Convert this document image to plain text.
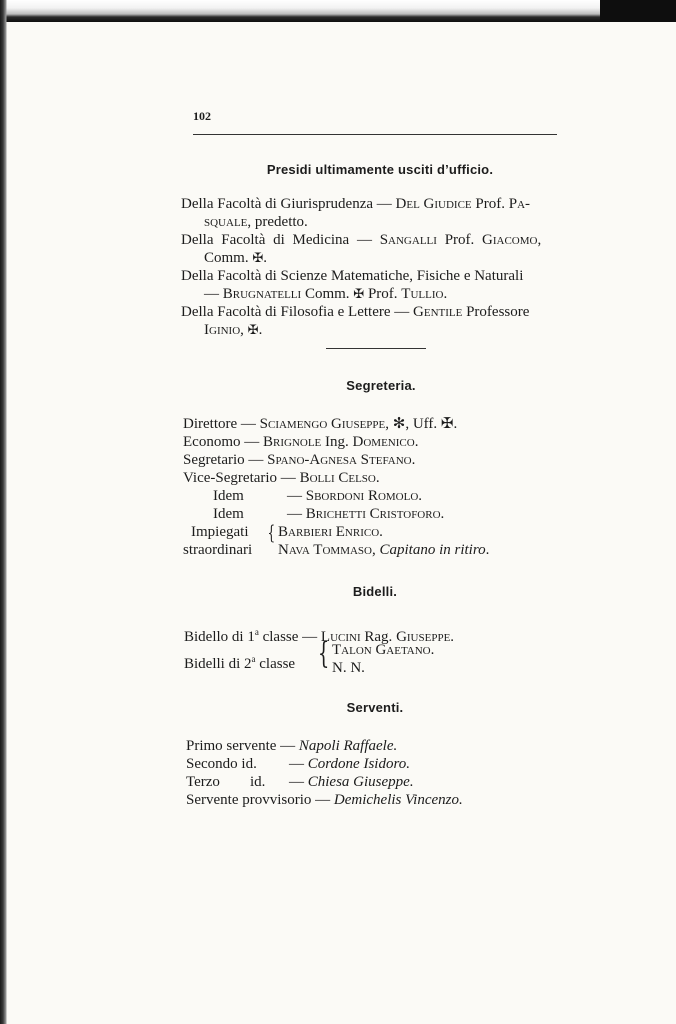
102
Presidi ultimamente usciti d’ufficio.
Della Facoltà di Giurisprudenza — Del Giudice Prof. Pa-
squale, predetto.
Della Facoltà di Medicina — Sangalli Prof. Giacomo,
Comm. ✠.
Della Facoltà di Scienze Matematiche, Fisiche e Naturali
— Brugnatelli Comm. ✠ Prof. Tullio.
Della Facoltà di Filosofia e Lettere — Gentile Professore
Iginio, ✠.
Segreteria.
Direttore — Sciamengo Giuseppe, ✻, Uff. ✠.
Economo — Brignole Ing. Domenico.
Segretario — Spano-Agnesa Stefano.
Vice-Segretario — Bolli Celso.
Idem	— Sbordoni Romolo.
Idem	— Brichetti Cristoforo.
Impiegati
straordinari
{ Barbieri Enrico.
Nava Tommaso, Capitano in ritiro.
Bidelli.
Bidello di 1$^a$ classe — Lucini Rag. Giuseppe.
Bidelli di 2$^a$ classe { Talon Gaetano.
N. N.
Serventi.
Primo servente — Napoli Raffaele.
Secondo id. — Cordone Isidoro.
Terzo id. — Chiesa Giuseppe.
Servente provvisorio — Demichelis Vincenzo.
